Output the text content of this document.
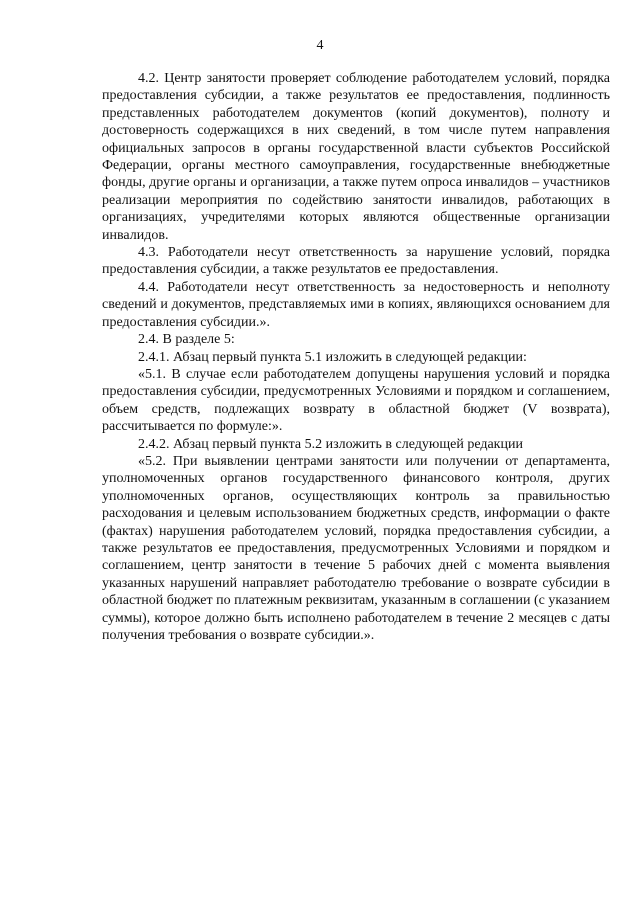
4

4.2. Центр занятости проверяет соблюдение работодателем условий, порядка предоставления субсидии, а также результатов ее предоставления, подлинность представленных работодателем документов (копий документов), полноту и достоверность содержащихся в них сведений, в том числе путем направления официальных запросов в органы государственной власти субъектов Российской Федерации, органы местного самоуправления, государственные внебюджетные фонды, другие органы и организации, а также путем опроса инвалидов – участников реализации мероприятия по содействию занятости инвалидов, работающих в организациях, учредителями которых являются общественные организации инвалидов.

4.3. Работодатели несут ответственность за нарушение условий, порядка предоставления субсидии, а также результатов ее предоставления.

4.4. Работодатели несут ответственность за недостоверность и неполноту сведений и документов, представляемых ими в копиях, являющихся основанием для предоставления субсидии.».

2.4. В разделе 5:

2.4.1. Абзац первый пункта 5.1 изложить в следующей редакции:

«5.1. В случае если работодателем допущены нарушения условий и порядка предоставления субсидии, предусмотренных Условиями и порядком и соглашением, объем средств, подлежащих возврату в областной бюджет (V возврата), рассчитывается по формуле:».

2.4.2. Абзац первый пункта 5.2 изложить в следующей редакции

«5.2. При выявлении центрами занятости или получении от департамента, уполномоченных органов государственного финансового контроля, других уполномоченных органов, осуществляющих контроль за правильностью расходования и целевым использованием бюджетных средств, информации о факте (фактах) нарушения работодателем условий, порядка предоставления субсидии, а также результатов ее предоставления, предусмотренных Условиями и порядком и соглашением, центр занятости в течение 5 рабочих дней с момента выявления указанных нарушений направляет работодателю требование о возврате субсидии в областной бюджет по платежным реквизитам, указанным в соглашении (с указанием суммы), которое должно быть исполнено работодателем в течение 2 месяцев с даты получения требования о возврате субсидии.».
